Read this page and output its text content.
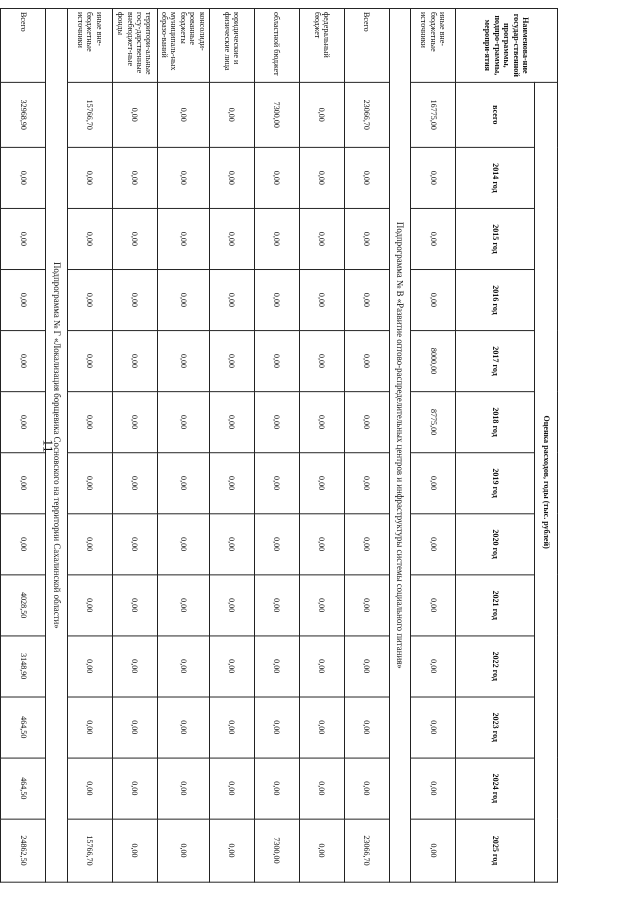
11
Наименова-ние государ-ственной программы, подпро-граммы, меропри-ятия	Оценка расходов, годы (тыс. рублей)												
	всего	2014 год	2015 год	2016 год	2017 год	2018 год	2019 год	2020 год	2021 год	2022 год	2023 год	2024 год	2025 год
иные вне-бюджетные источники	16775,00	0,00	0,00	0,00	8000,00	8775,00	0,00	0,00	0,00	0,00	0,00	0,00	0,00
Подпрограмма № В «Развитие оптово-распределительных центров и инфраструктуры системы социального питания»													
Всего	23066,70	0,00	0,00	0,00	0,00	0,00	0,00	0,00	0,00	0,00	0,00	0,00	23066,70
федеральный бюджет	0,00	0,00	0,00	0,00	0,00	0,00	0,00	0,00	0,00	0,00	0,00	0,00	0,00
областной бюджет	7300,00	0,00	0,00	0,00	0,00	0,00	0,00	0,00	0,00	0,00	0,00	0,00	7300,00
юридические и физические лица	0,00	0,00	0,00	0,00	0,00	0,00	0,00	0,00	0,00	0,00	0,00	0,00	0,00
консолиди-рованные бюджеты муниципаль-ных образо-ваний	0,00	0,00	0,00	0,00	0,00	0,00	0,00	0,00	0,00	0,00	0,00	0,00	0,00
территори-альные госу-дарственные внебюджет-ные фонды	0,00	0,00	0,00	0,00	0,00	0,00	0,00	0,00	0,00	0,00	0,00	0,00	0,00
иные вне-бюджетные источники	15766,70	0,00	0,00	0,00	0,00	0,00	0,00	0,00	0,00	0,00	0,00	0,00	15766,70
Подпрограмма № Г «Локализация борщевика Сосновского на территории Сахалинской области»													
Всего	32968,90	0,00	0,00	0,00	0,00	0,00	0,00	0,00	4028,50	3148,90	464,50	464,50	24862,50
